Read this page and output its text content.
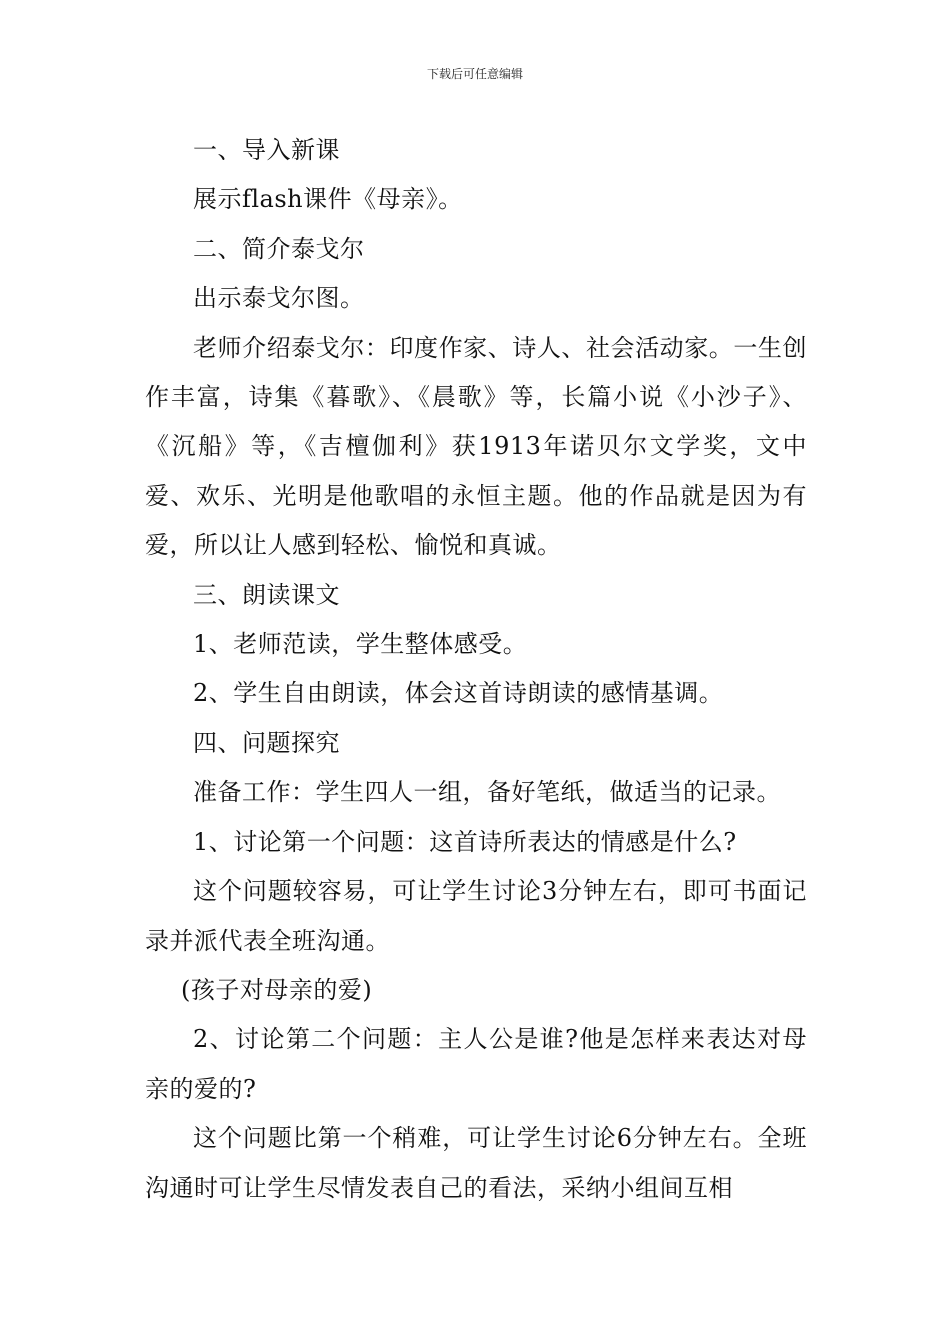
下载后可任意编辑

一、导入新课

展示flash课件《母亲》。

二、简介泰戈尔

出示泰戈尔图。

老师介绍泰戈尔：印度作家、诗人、社会活动家。一生创作丰富，诗集《暮歌》、《晨歌》等，长篇小说《小沙子》、《沉船》等，《吉檀伽利》获1913年诺贝尔文学奖，文中爱、欢乐、光明是他歌唱的永恒主题。他的作品就是因为有爱，所以让人感到轻松、愉悦和真诚。

三、朗读课文

1、老师范读，学生整体感受。

2、学生自由朗读，体会这首诗朗读的感情基调。

四、问题探究

准备工作：学生四人一组，备好笔纸，做适当的记录。

1、讨论第一个问题：这首诗所表达的情感是什么?

这个问题较容易，可让学生讨论3分钟左右，即可书面记录并派代表全班沟通。

(孩子对母亲的爱)

2、讨论第二个问题：主人公是谁?他是怎样来表达对母亲的爱的?

这个问题比第一个稍难，可让学生讨论6分钟左右。全班沟通时可让学生尽情发表自己的看法，采纳小组间互相
